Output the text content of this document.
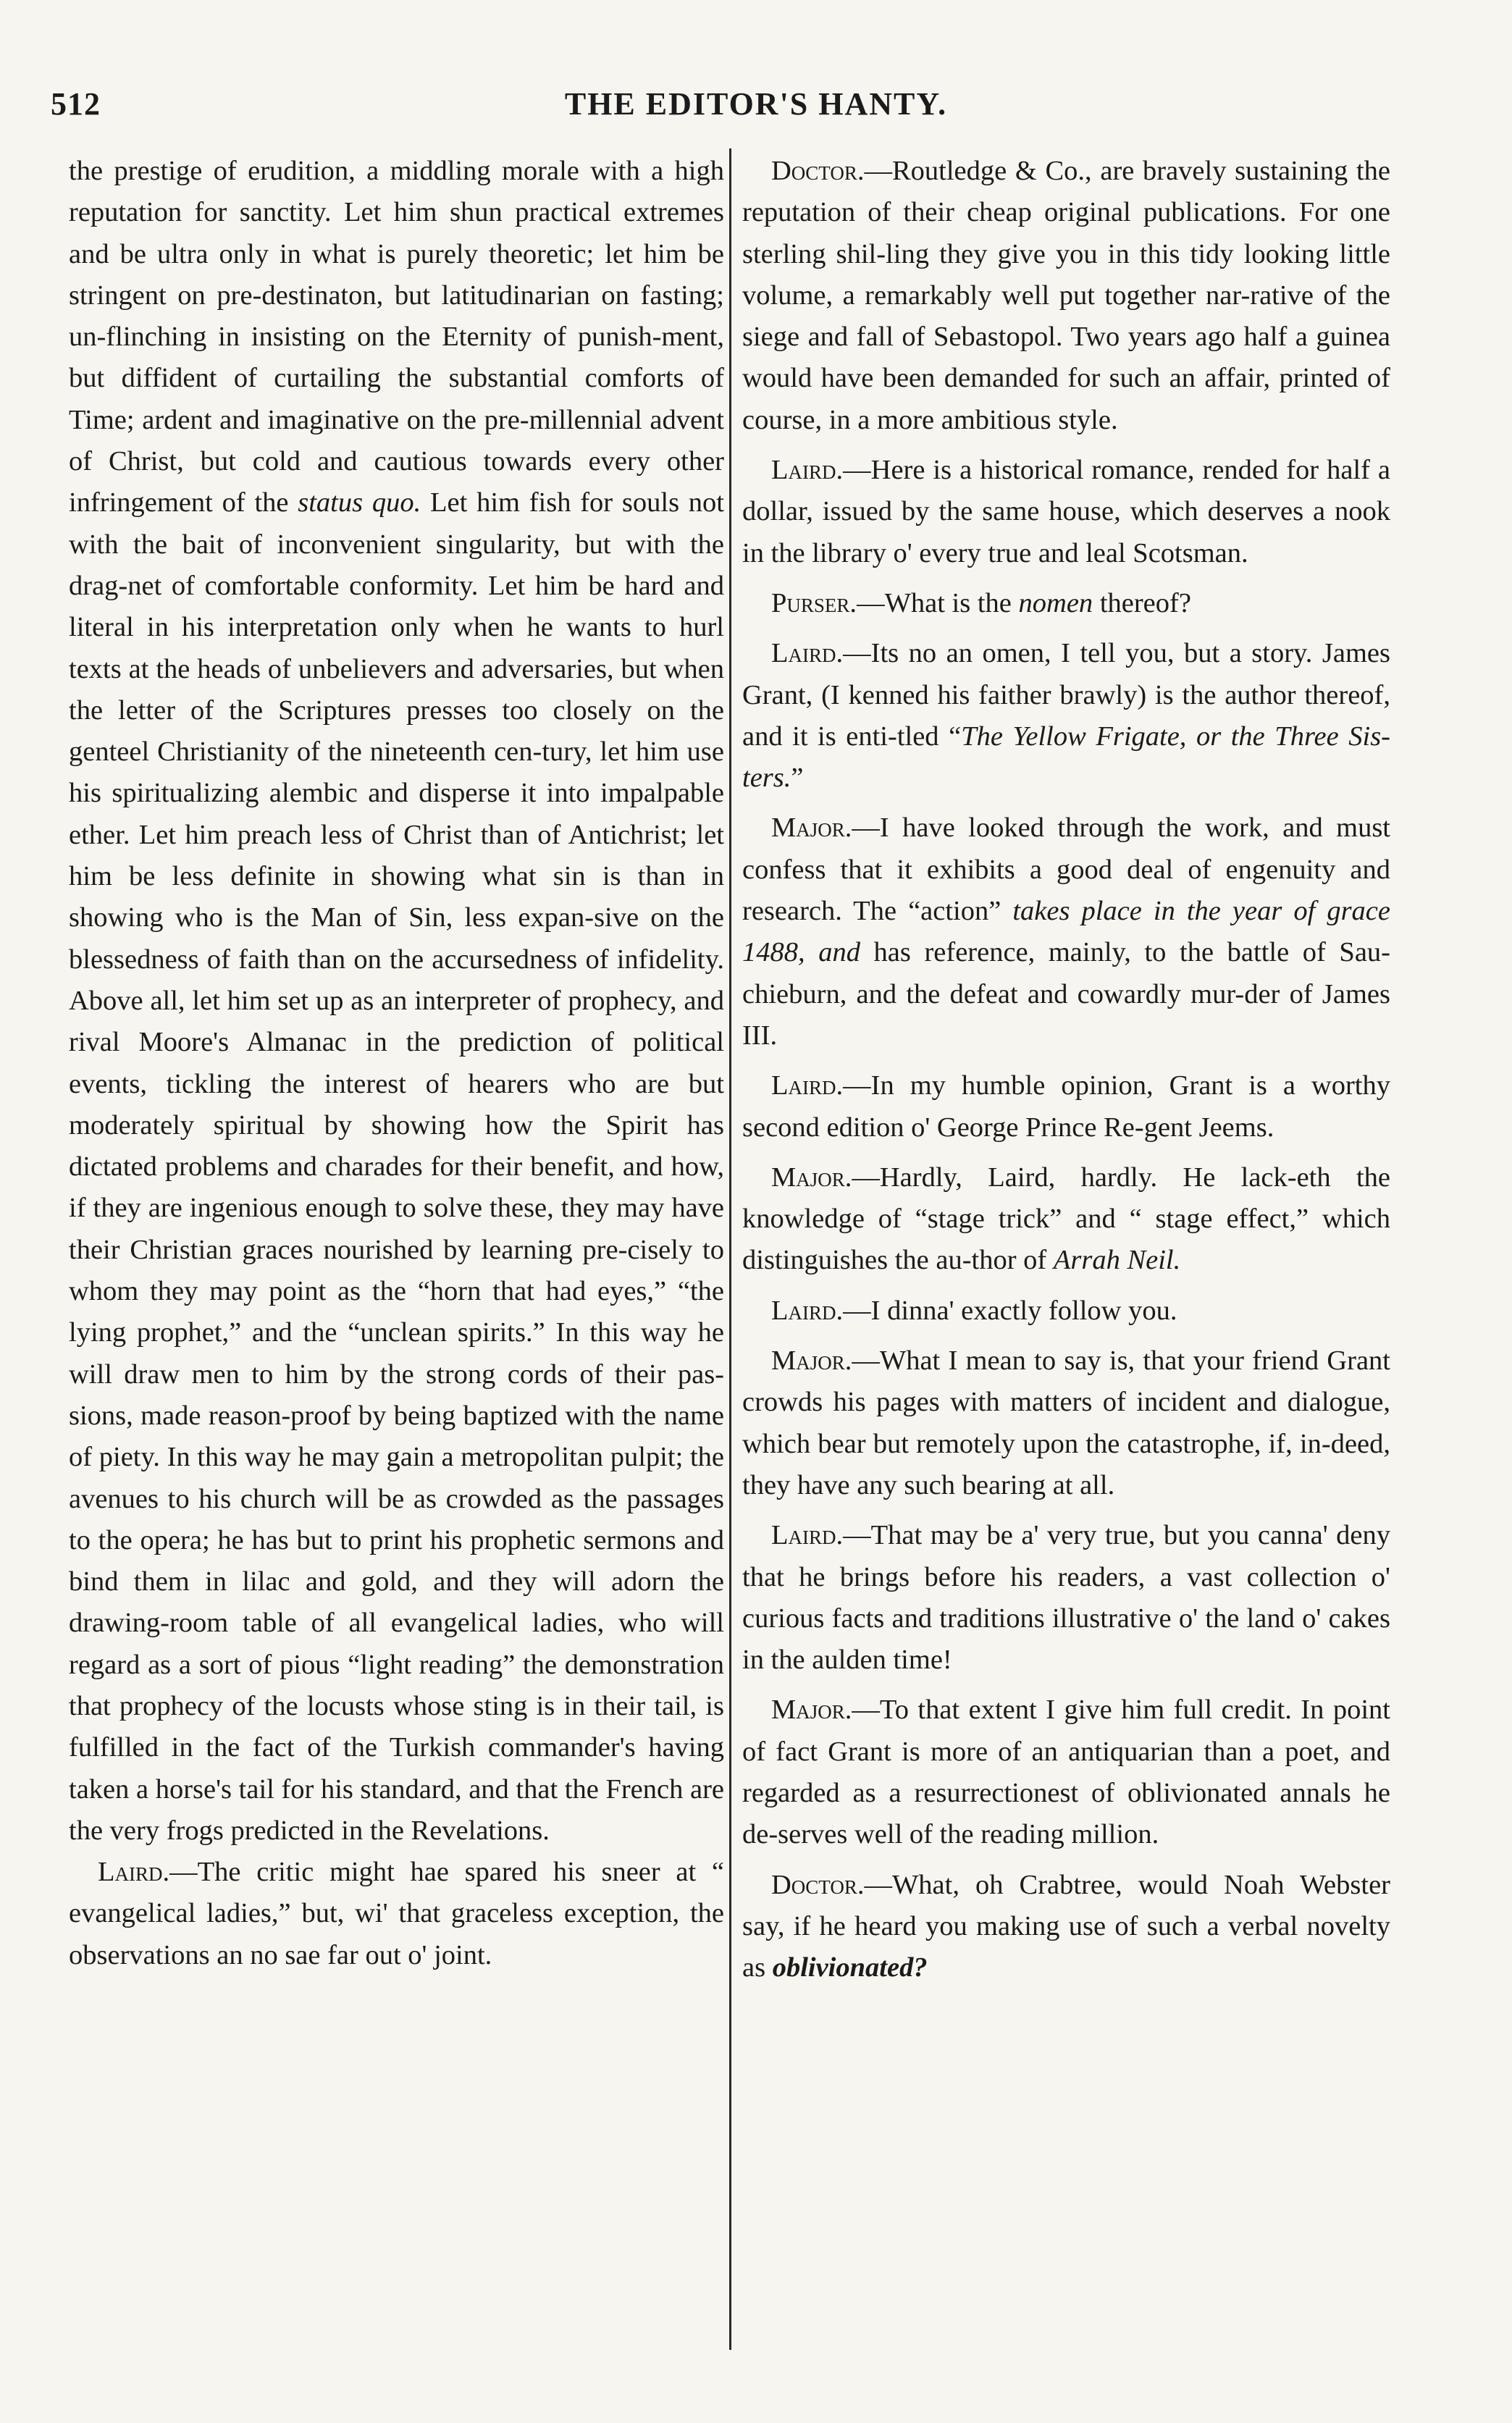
512	THE EDITOR'S HANTY.

the prestige of erudition, a middling morale with a high reputation for sanctity. Let him shun practical extremes and be ultra only in what is purely theoretic; let him be stringent on pre-destinaton, but latitudinarian on fasting; un-flinching in insisting on the Eternity of punish-ment, but diffident of curtailing the substantial comforts of Time; ardent and imaginative on the pre-millennial advent of Christ, but cold and cautious towards every other infringement of the status quo. Let him fish for souls not with the bait of inconvenient singularity, but with the drag-net of comfortable conformity. Let him be hard and literal in his interpretation only when he wants to hurl texts at the heads of unbelievers and adversaries, but when the letter of the Scriptures presses too closely on the genteel Christianity of the nineteenth cen-tury, let him use his spiritualizing alembic and disperse it into impalpable ether. Let him preach less of Christ than of Antichrist; let him be less definite in showing what sin is than in showing who is the Man of Sin, less expan-sive on the blessedness of faith than on the accursedness of infidelity. Above all, let him set up as an interpreter of prophecy, and rival Moore's Almanac in the prediction of political events, tickling the interest of hearers who are but moderately spiritual by showing how the Spirit has dictated problems and charades for their benefit, and how, if they are ingenious enough to solve these, they may have their Christian graces nourished by learning pre-cisely to whom they may point as the “horn that had eyes,” “the lying prophet,” and the “unclean spirits.” In this way he will draw men to him by the strong cords of their pas-sions, made reason-proof by being baptized with the name of piety. In this way he may gain a metropolitan pulpit; the avenues to his church will be as crowded as the passages to the opera; he has but to print his prophetic sermons and bind them in lilac and gold, and they will adorn the drawing-room table of all evangelical ladies, who will regard as a sort of pious “light reading” the demonstration that prophecy of the locusts whose sting is in their tail, is fulfilled in the fact of the Turkish commander's having taken a horse's tail for his standard, and that the French are the very frogs predicted in the Revelations.

Laird.—The critic might hae spared his sneer at “ evangelical ladies,” but, wi' that graceless exception, the observations an no sae far out o' joint.

Doctor.—Routledge & Co., are bravely sustaining the reputation of their cheap original publications. For one sterling shil-ling they give you in this tidy looking little volume, a remarkably well put together nar-rative of the siege and fall of Sebastopol. Two years ago half a guinea would have been demanded for such an affair, printed of course, in a more ambitious style.

Laird.—Here is a historical romance, rended for half a dollar, issued by the same house, which deserves a nook in the library o' every true and leal Scotsman.

Purser.—What is the nomen thereof?

Laird.—Its no an omen, I tell you, but a story. James Grant, (I kenned his faither brawly) is the author thereof, and it is enti-tled “The Yellow Frigate, or the Three Sis-ters.”

Major.—I have looked through the work, and must confess that it exhibits a good deal of engenuity and research. The “action” takes place in the year of grace 1488, and has reference, mainly, to the battle of Sau-chieburn, and the defeat and cowardly mur-der of James III.

Laird.—In my humble opinion, Grant is a worthy second edition o' George Prince Re-gent Jeems.

Major.—Hardly, Laird, hardly. He lack-eth the knowledge of “stage trick” and “ stage effect,” which distinguishes the au-thor of Arrah Neil.

Laird.—I dinna' exactly follow you.

Major.—What I mean to say is, that your friend Grant crowds his pages with matters of incident and dialogue, which bear but remotely upon the catastrophe, if, in-deed, they have any such bearing at all.

Laird.—That may be a' very true, but you canna' deny that he brings before his readers, a vast collection o' curious facts and traditions illustrative o' the land o' cakes in the aulden time!

Major.—To that extent I give him full credit. In point of fact Grant is more of an antiquarian than a poet, and regarded as a resurrectionest of oblivionated annals he de-serves well of the reading million.

Doctor.—What, oh Crabtree, would Noah Webster say, if he heard you making use of such a verbal novelty as oblivionated?
